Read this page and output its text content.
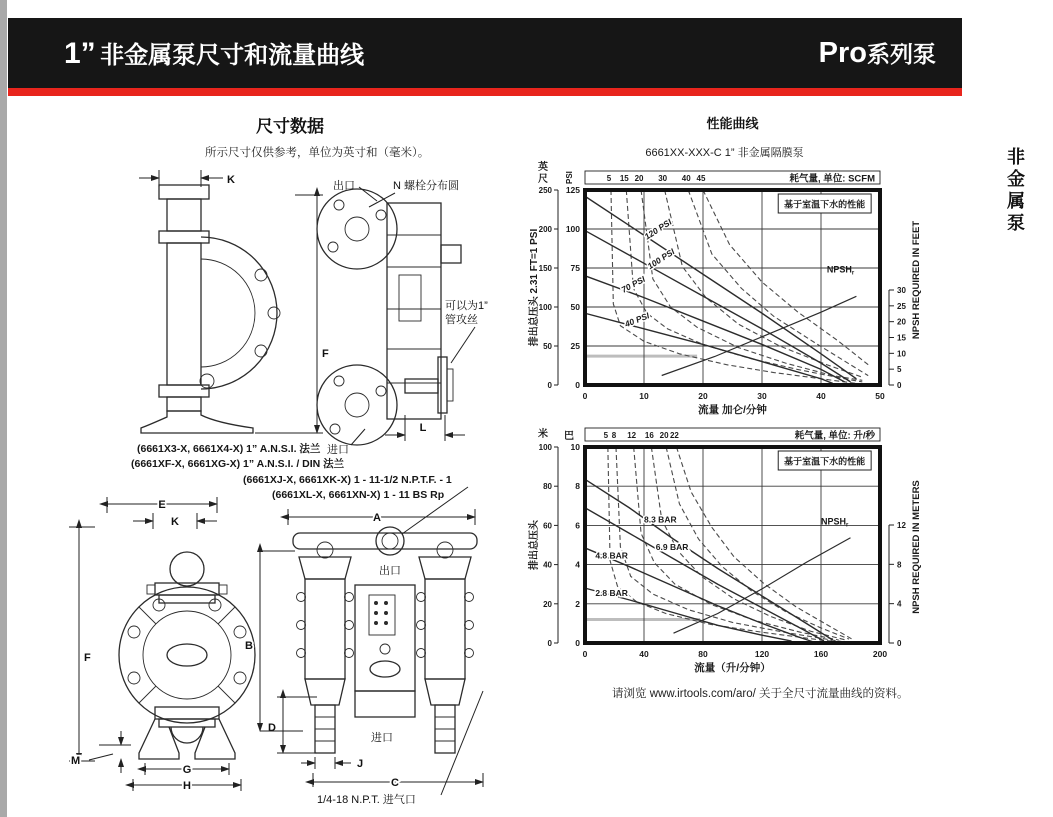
1” 非金属泵尺寸和流量曲线	Pro系列泵
非金属泵
尺寸数据
所示尺寸仅供参考，单位为英寸和（毫米）。
性能曲线
(6661X3-X, 6661X4-X) 1” A.N.S.I. 法兰
(6661XF-X, 6661XG-X) 1” A.N.S.I. / DIN 法兰
(6661XJ-X, 6661XK-X) 1 - 11-1/2 N.P.T.F. - 1
(6661XL-X, 6661XN-X) 1 - 11 BS Rp
请浏览 www.irtools.com/aro/ 关于全尺寸流量曲线的资料。
K
F
出口	N 螺栓分布圆
可以为1”
管攻丝
进口
L
E
K
F
M
G
H
A
出口
进口
D
J
C
1/4-18 N.P.T. 进气口
B
120 PSI
100 PSI
70 PSI
40 PSI
$NPSH_r$
基于室温下水的性能
5 15 20 30 40 45	耗气量, 单位: SCFM
0	10	20	30	40	50
流量 加仑/分钟
0
25
50
75
100
125
PSI
0
50
100
150
200
250
英尺
排出总压头 2.31 FT=1 PSI
0
5
10
15
20
25
30 NPSH REQUIRED IN FEET
6661XX-XXX-C 1” 非金属隔膜泵
8.3 BAR
6.9 BAR
4.8 BAR
2.8 BAR
$NPSH_r$
基于室温下水的性能
5 8 12 16 20 22	耗气量, 单位: 升/秒
0	40	80	120	160	200
流量（升/分钟）
0
2
4
6
8
10
巴
0
20
40
60
80
100
米
排出总压头
0
4
8
12 NPSH REQUIRED IN METERS
